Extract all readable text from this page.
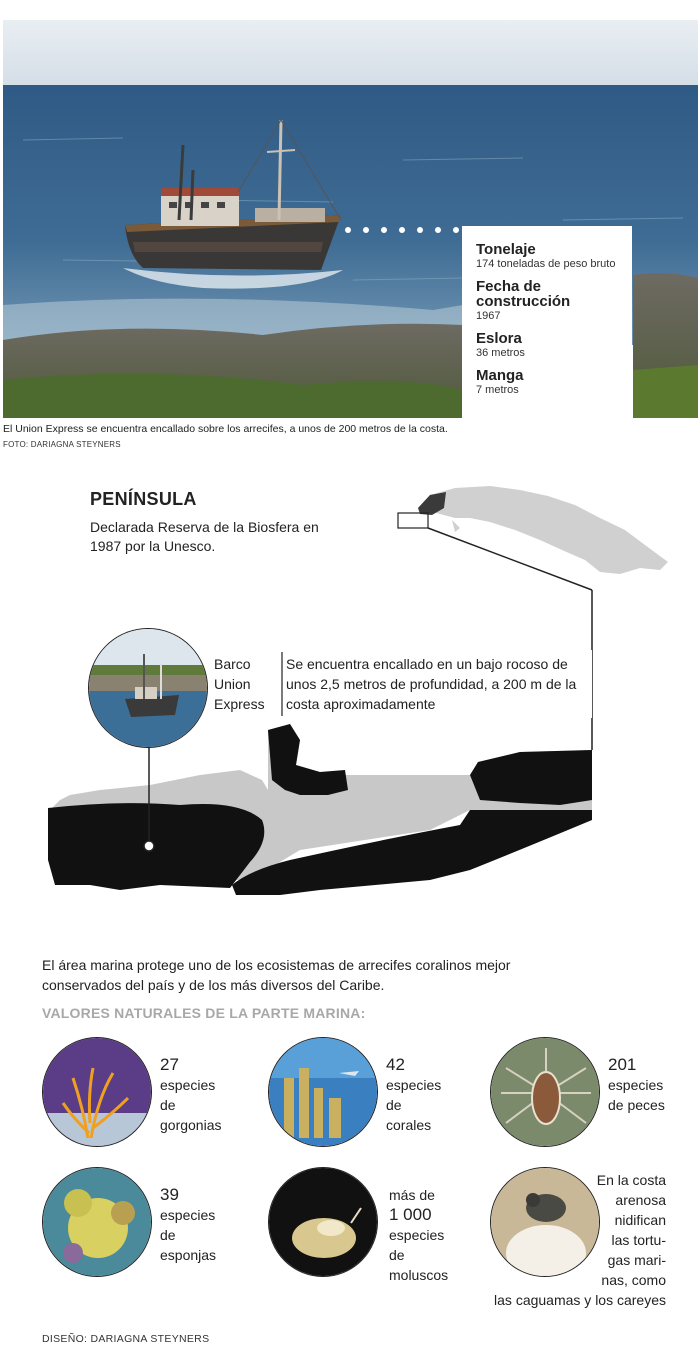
Tonelaje
174 toneladas de peso bruto
Fecha de construcción
1967
Eslora
36 metros
Manga
7 metros
El Union Express se encuentra encallado sobre los arrecifes, a unos de 200 metros de la costa.
FOTO: DARIAGNA STEYNERS
PENÍNSULA
Declarada Reserva de la Biosfera en 1987 por la Unesco.
Barco
Union
Express
Se encuentra encallado en un bajo rocoso de unos 2,5 metros de profundidad, a 200 m de la costa aproximadamente
El área marina protege uno de los ecosistemas de arrecifes coralinos mejor conservados del país y de los más diversos del Caribe.
VALORES NATURALES DE LA PARTE MARINA:
27
especies
de
gorgonias
42
especies
de
corales
201
especies
de peces
39
especies
de
esponjas
más de
1 000
especies
de
moluscos
En la costa
arenosa
nidifican
las tortu-
gas mari-
nas, como
las caguamas y los careyes
DISEÑO: DARIAGNA STEYNERS
